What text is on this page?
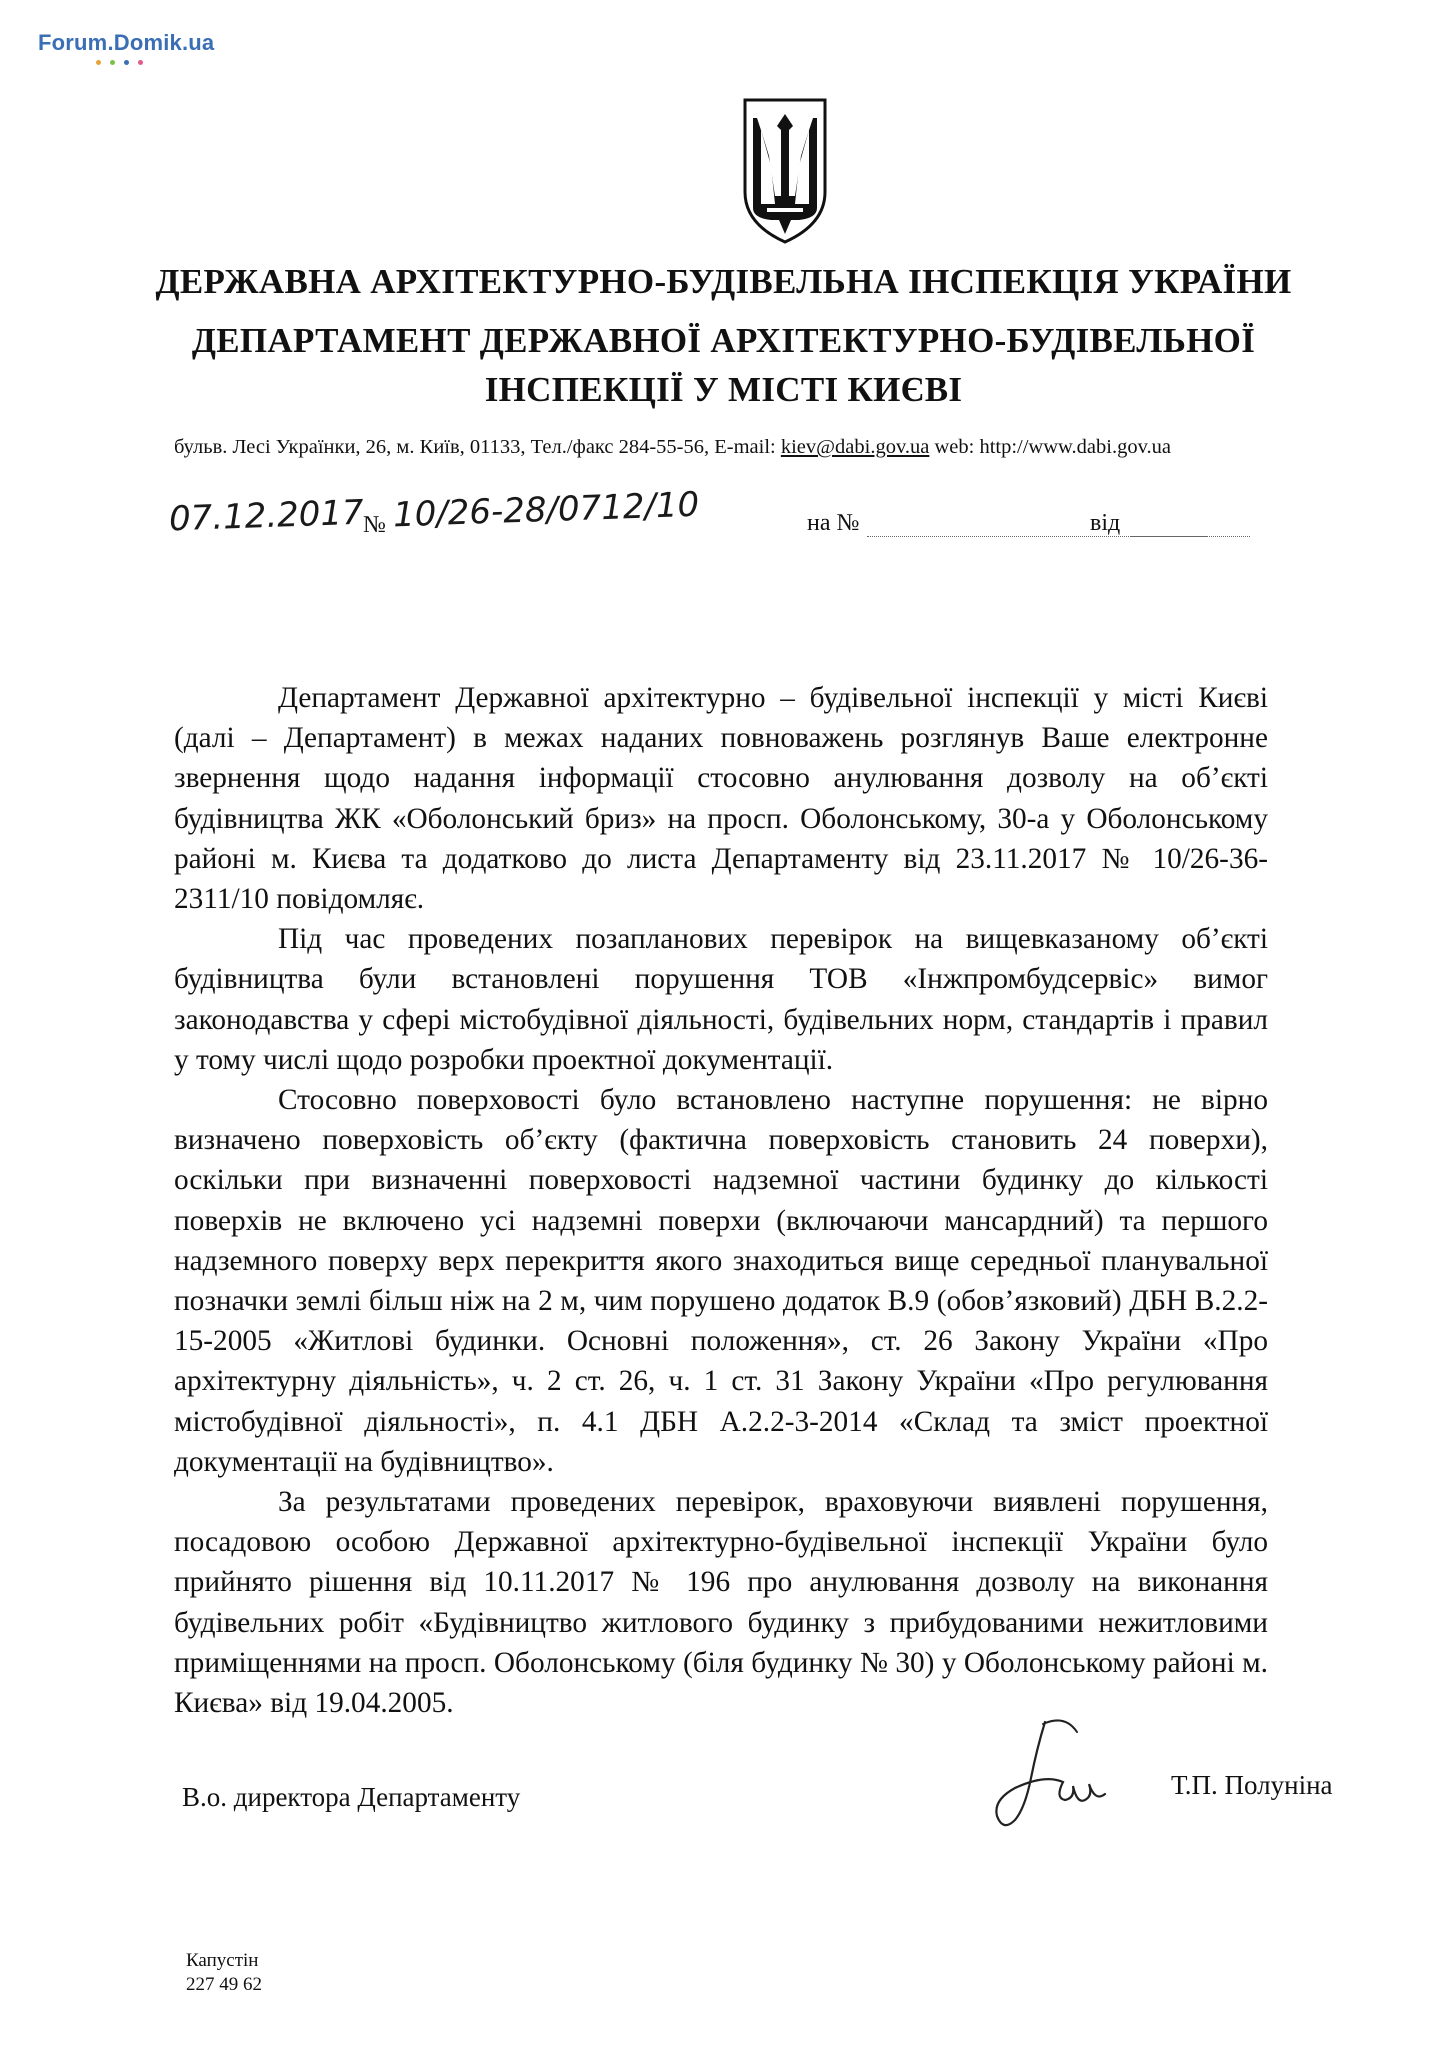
Forum.Domik.ua
ДЕРЖАВНА АРХІТЕКТУРНО-БУДІВЕЛЬНА ІНСПЕКЦІЯ УКРАЇНИ
ДЕПАРТАМЕНТ ДЕРЖАВНОЇ АРХІТЕКТУРНО-БУДІВЕЛЬНОЇ
ІНСПЕКЦІЇ У МІСТІ КИЄВІ
бульв. Лесі Українки, 26, м. Київ, 01133, Тел./факс 284-55-56, E-mail: kiev@dabi.gov.ua web: http://www.dabi.gov.ua
07.12.2017
№ 10/26-28/0712/10	на №	від

Департамент Державної архітектурно – будівельної інспекції у місті Києві (далі – Департамент) в межах наданих повноважень розглянув Ваше електронне звернення щодо надання інформації стосовно анулювання дозволу на об’єкті будівництва ЖК «Оболонський бриз» на просп. Оболонському, 30-а у Оболонському районі м. Києва та додатково до листа Департаменту від 23.11.2017 № 10/26-36-2311/10 повідомляє.

Під час проведених позапланових перевірок на вищевказаному об’єкті будівництва були встановлені порушення ТОВ «Інжпромбудсервіс» вимог законодавства у сфері містобудівної діяльності, будівельних норм, стандартів і правил у тому числі щодо розробки проектної документації.

Стосовно поверховості було встановлено наступне порушення: не вірно визначено поверховість об’єкту (фактична поверховість становить 24 поверхи), оскільки при визначенні поверховості надземної частини будинку до кількості поверхів не включено усі надземні поверхи (включаючи мансардний) та першого надземного поверху верх перекриття якого знаходиться вище середньої планувальної позначки землі більш ніж на 2 м, чим порушено додаток В.9 (обов’язковий) ДБН В.2.2-15-2005 «Житлові будинки. Основні положення», ст. 26 Закону України «Про архітектурну діяльність», ч. 2 ст. 26, ч. 1 ст. 31 Закону України «Про регулювання містобудівної діяльності», п. 4.1 ДБН А.2.2-3-2014 «Склад та зміст проектної документації на будівництво».

За результатами проведених перевірок, враховуючи виявлені порушення, посадовою особою Державної архітектурно-будівельної інспекції України було прийнято рішення від 10.11.2017 № 196 про анулювання дозволу на виконання будівельних робіт «Будівництво житлового будинку з прибудованими нежитловими приміщеннями на просп. Оболонському (біля будинку № 30) у Оболонському районі м. Києва» від 19.04.2005.

В.о. директора Департаменту	Т.П. Полуніна
Капустін
227 49 62
